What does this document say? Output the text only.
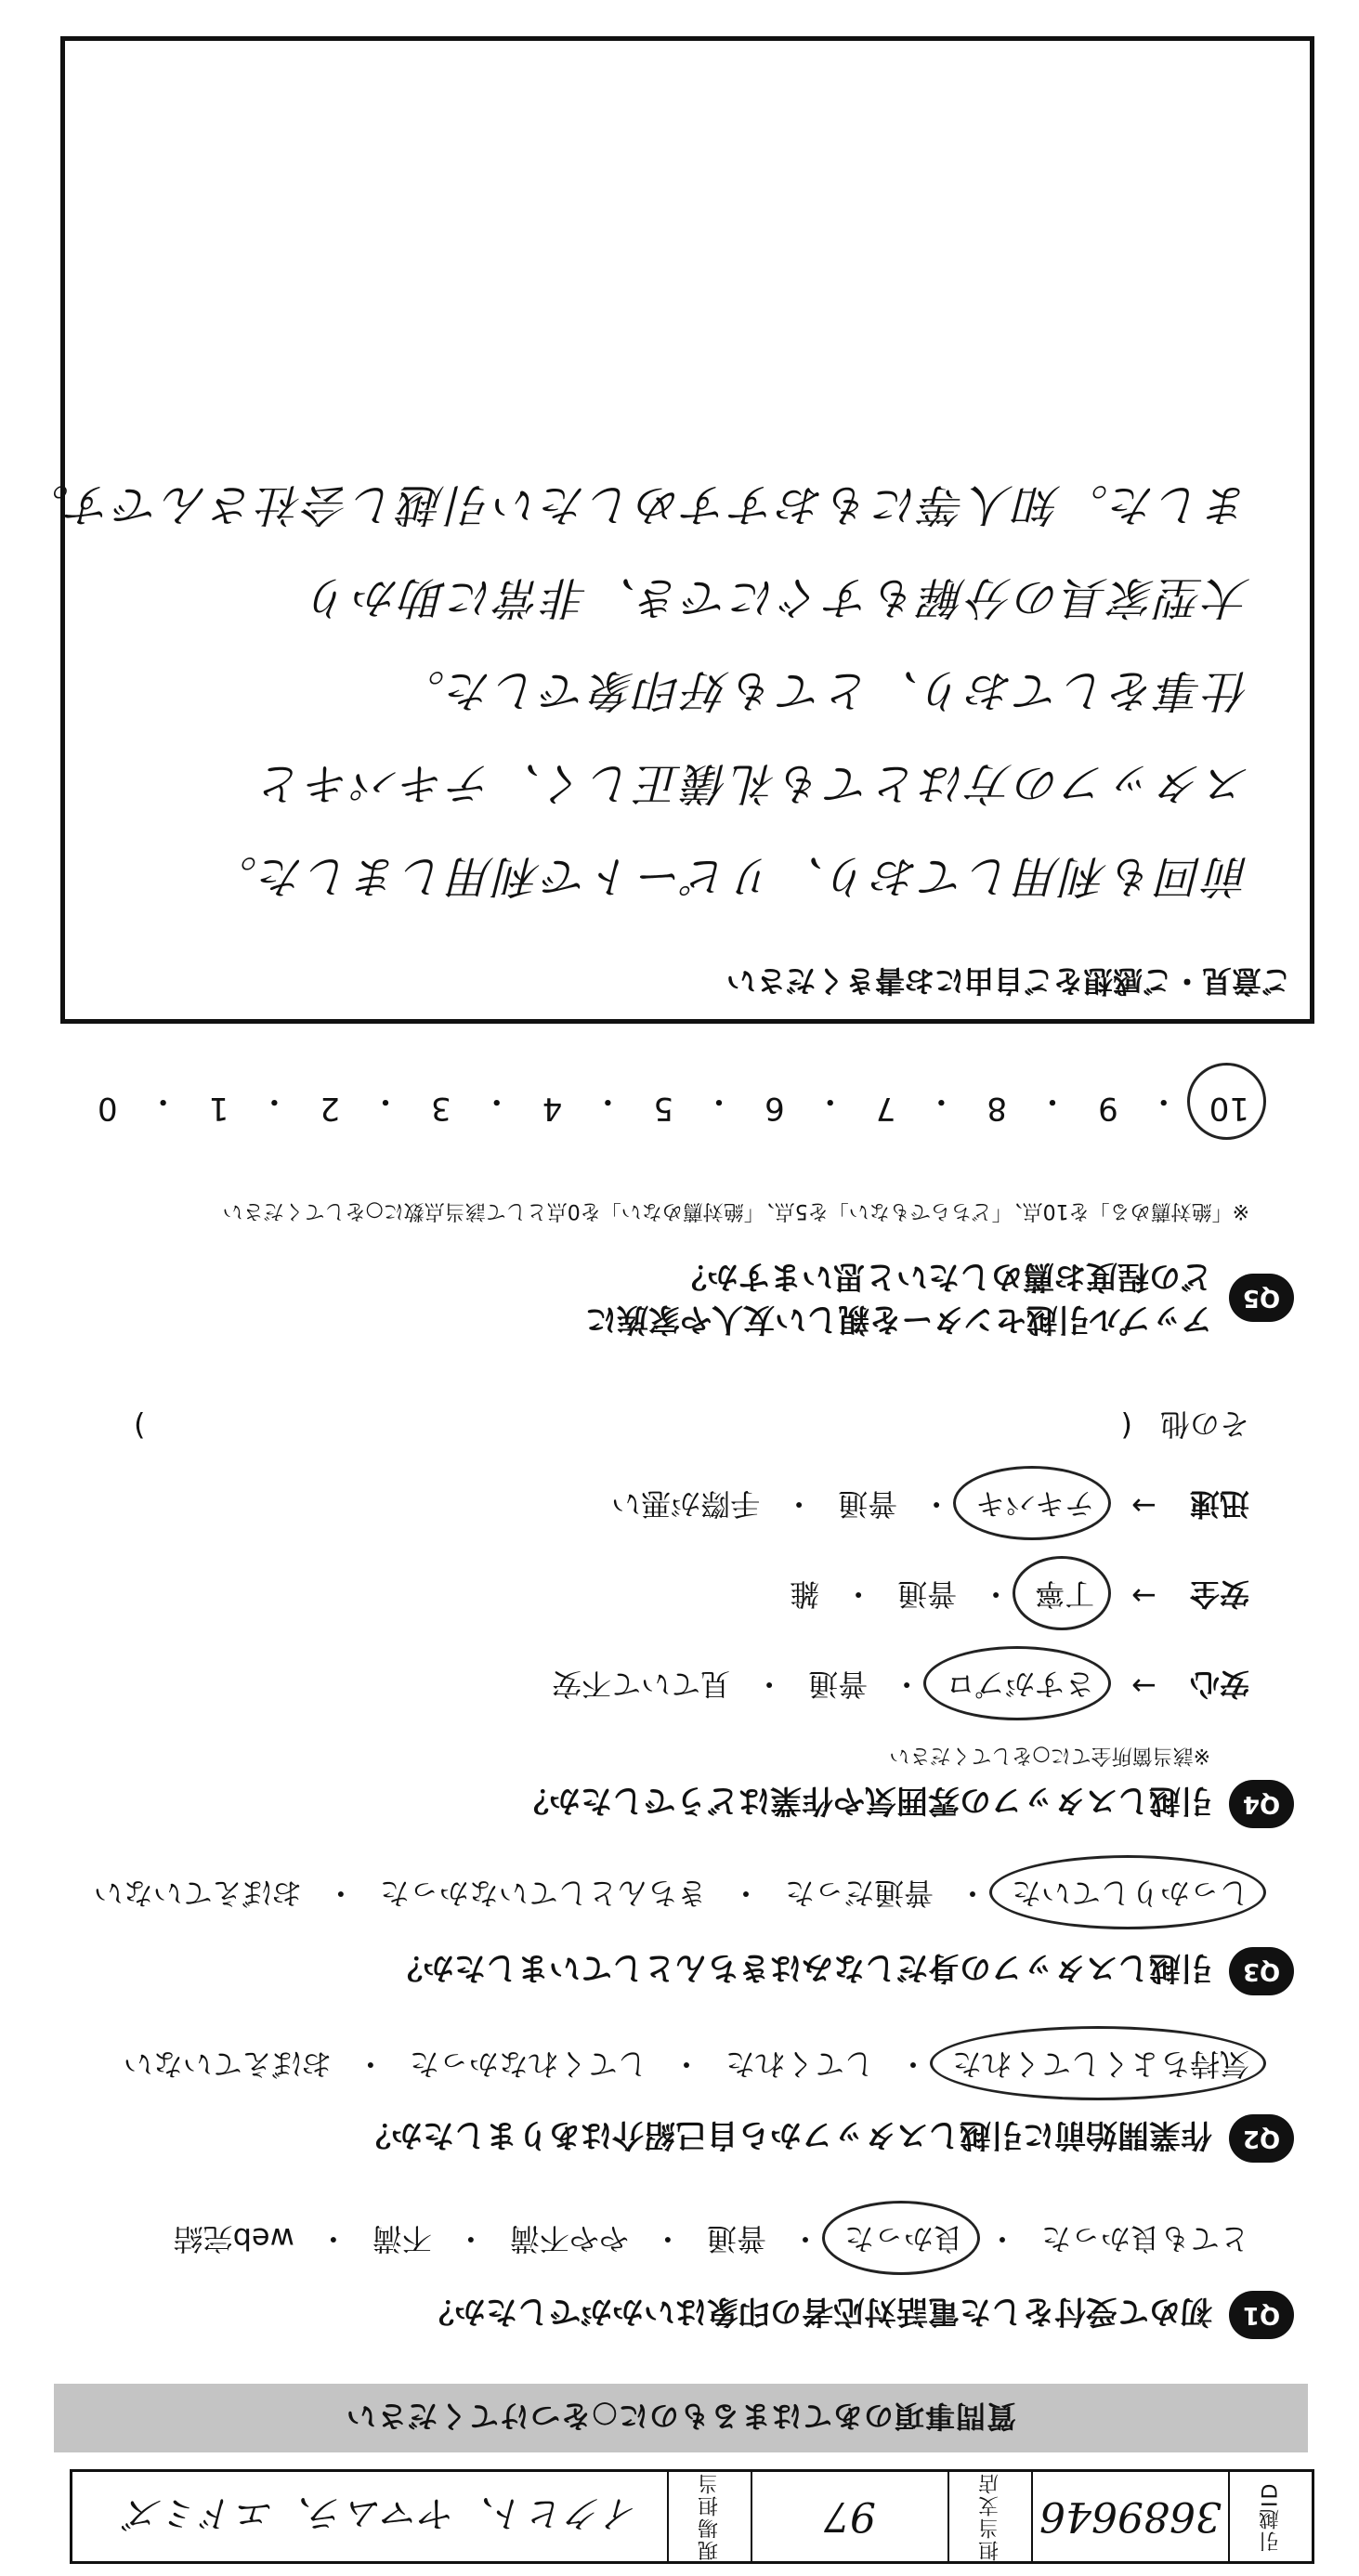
引越ID
3689646
担当支店
97
現場担当
イクヒト、ヤマムラ、エドミズ
質問事項のあてはまるものに○をつけてください
Q1
初めて受付をした電話対応者の印象はいかがでしたか？
とても良かった
・
良かった
・
普通
・
やや不満
・
不満
・
web完結
Q2
作業開始前に引越しスタッフから自己紹介はありましたか？
気持ちよくしてくれた
・
してくれた
・
してくれなかった
・
おぼえていない
Q3
引越しスタッフの身だしなみはきちんとしていましたか？
しっかりしていた
・
普通だった
・
きちんとしていなかった
・
おぼえていない
Q4
引越しスタッフの雰囲気や作業はどうでしたか？
※該当箇所全てに○をしてください
安心
→
さすがプロ
・
普通
・
見ていて不安
安全
→
丁寧
・
普通
・
雑
迅速
→
テキパキ
・
普通
・
手際が悪い
その他
(
)
Q5
アップル引越センターを親しい友人や家族に
どの程度お薦めしたいと思いますか？
※「絶対薦める」を10点、「どちらでもない」を5点、「絶対薦めない」を0点として該当点数に○をしてください
10
・
9
・
8
・
7
・
6
・
5
・
4
・
3
・
2
・
1
・
0
ご意見・ご感想をご自由にお書きください
前回も利用しており、リピートで利用しました。
スタッフの方はとても礼儀正しく、テキパキと
仕事をしており、とても好印象でした。
大型家具の分解もすぐにでき、非常に助かり
ました。知人等にもおすすめしたい引越し会社さんです。
